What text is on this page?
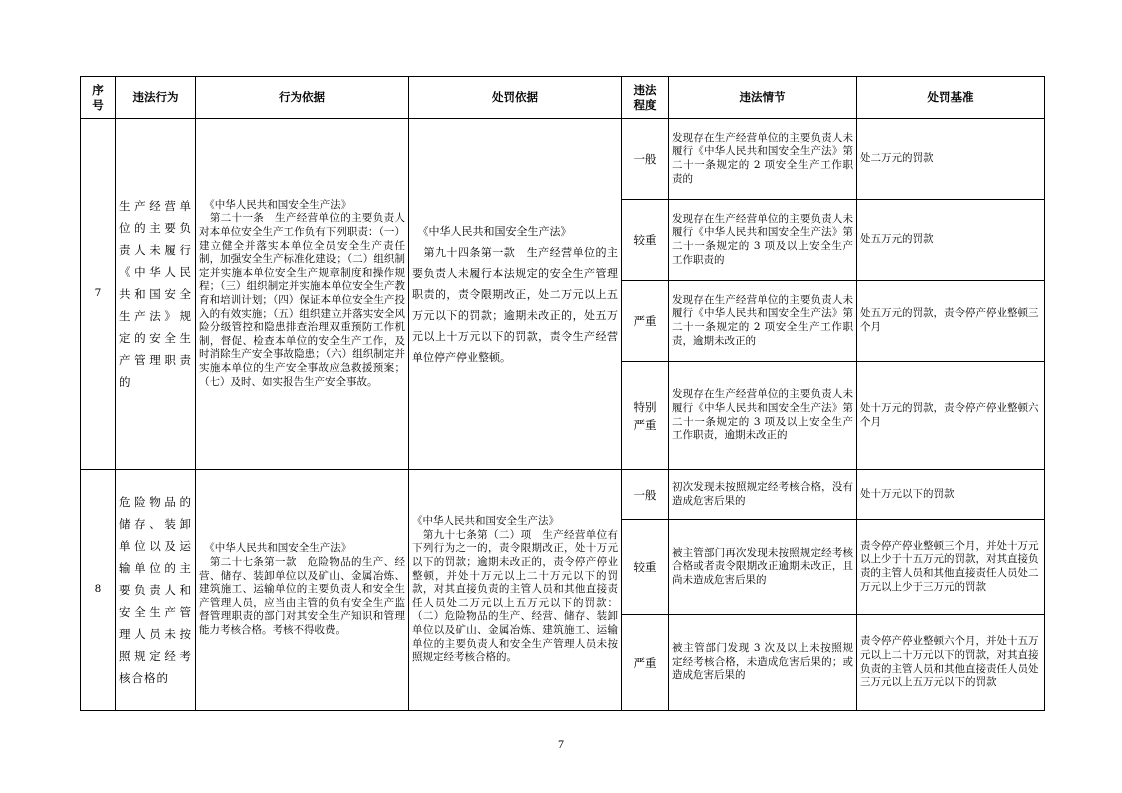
序
号	违法行为	行为依据	处罚依据	违法
程度	违法情节	处罚基准
7	生产经营单位的主要负责人未履行《中华人民共和国安全生产法》规定的安全生产管理职责的	　《中华人民共和国安全生产法》
　第二十一条　生产经营单位的主要负责人对本单位安全生产工作负有下列职责：（一）建立健全并落实本单位全员安全生产责任制，加强安全生产标准化建设；（二）组织制定并实施本单位安全生产规章制度和操作规程；（三）组织制定并实施本单位安全生产教育和培训计划；（四）保证本单位安全生产投入的有效实施；（五）组织建立并落实安全风险分级管控和隐患排查治理双重预防工作机制，督促、检查本单位的安全生产工作，及时消除生产安全事故隐患；（六）组织制定并实施本单位的生产安全事故应急救援预案；（七）及时、如实报告生产安全事故。	　《中华人民共和国安全生产法》
　第九十四条第一款　生产经营单位的主要负责人未履行本法规定的安全生产管理职责的，责令限期改正，处二万元以上五万元以下的罚款；逾期未改正的，处五万元以上十万元以下的罚款，责令生产经营单位停产停业整顿。	一般	发现存在生产经营单位的主要负责人未履行《中华人民共和国安全生产法》第二十一条规定的 2 项安全生产工作职责的	处二万元的罚款
				较重	发现存在生产经营单位的主要负责人未履行《中华人民共和国安全生产法》第二十一条规定的 3 项及以上安全生产工作职责的	处五万元的罚款
				严重	发现存在生产经营单位的主要负责人未履行《中华人民共和国安全生产法》第二十一条规定的 2 项安全生产工作职责，逾期未改正的	处五万元的罚款，责令停产停业整顿三个月
				特别
严重	发现存在生产经营单位的主要负责人未履行《中华人民共和国安全生产法》第二十一条规定的 3 项及以上安全生产工作职责，逾期未改正的	处十万元的罚款，责令停产停业整顿六个月
8	危险物品的储存、装卸单位以及运输单位的主要负责人和安全生产管理人员未按照规定经考核合格的	　《中华人民共和国安全生产法》
　第二十七条第一款　危险物品的生产、经营、储存、装卸单位以及矿山、金属冶炼、建筑施工、运输单位的主要负责人和安全生产管理人员，应当由主管的负有安全生产监督管理职责的部门对其安全生产知识和管理能力考核合格。考核不得收费。	《中华人民共和国安全生产法》
　第九十七条第（二）项　生产经营单位有下列行为之一的，责令限期改正，处十万元以下的罚款；逾期未改正的，责令停产停业整顿，并处十万元以上二十万元以下的罚款，对其直接负责的主管人员和其他直接责任人员处二万元以上五万元以下的罚款：（二）危险物品的生产、经营、储存、装卸单位以及矿山、金属冶炼、建筑施工、运输单位的主要负责人和安全生产管理人员未按照规定经考核合格的。	一般	初次发现未按照规定经考核合格，没有造成危害后果的	处十万元以下的罚款
				较重	被主管部门再次发现未按照规定经考核合格或者责令限期改正逾期未改正，且尚未造成危害后果的	责令停产停业整顿三个月，并处十万元以上少于十五万元的罚款，对其直接负责的主管人员和其他直接责任人员处二万元以上少于三万元的罚款
				严重	被主管部门发现 3 次及以上未按照规定经考核合格，未造成危害后果的；或造成危害后果的	责令停产停业整顿六个月，并处十五万元以上二十万元以下的罚款，对其直接负责的主管人员和其他直接责任人员处三万元以上五万元以下的罚款
7
